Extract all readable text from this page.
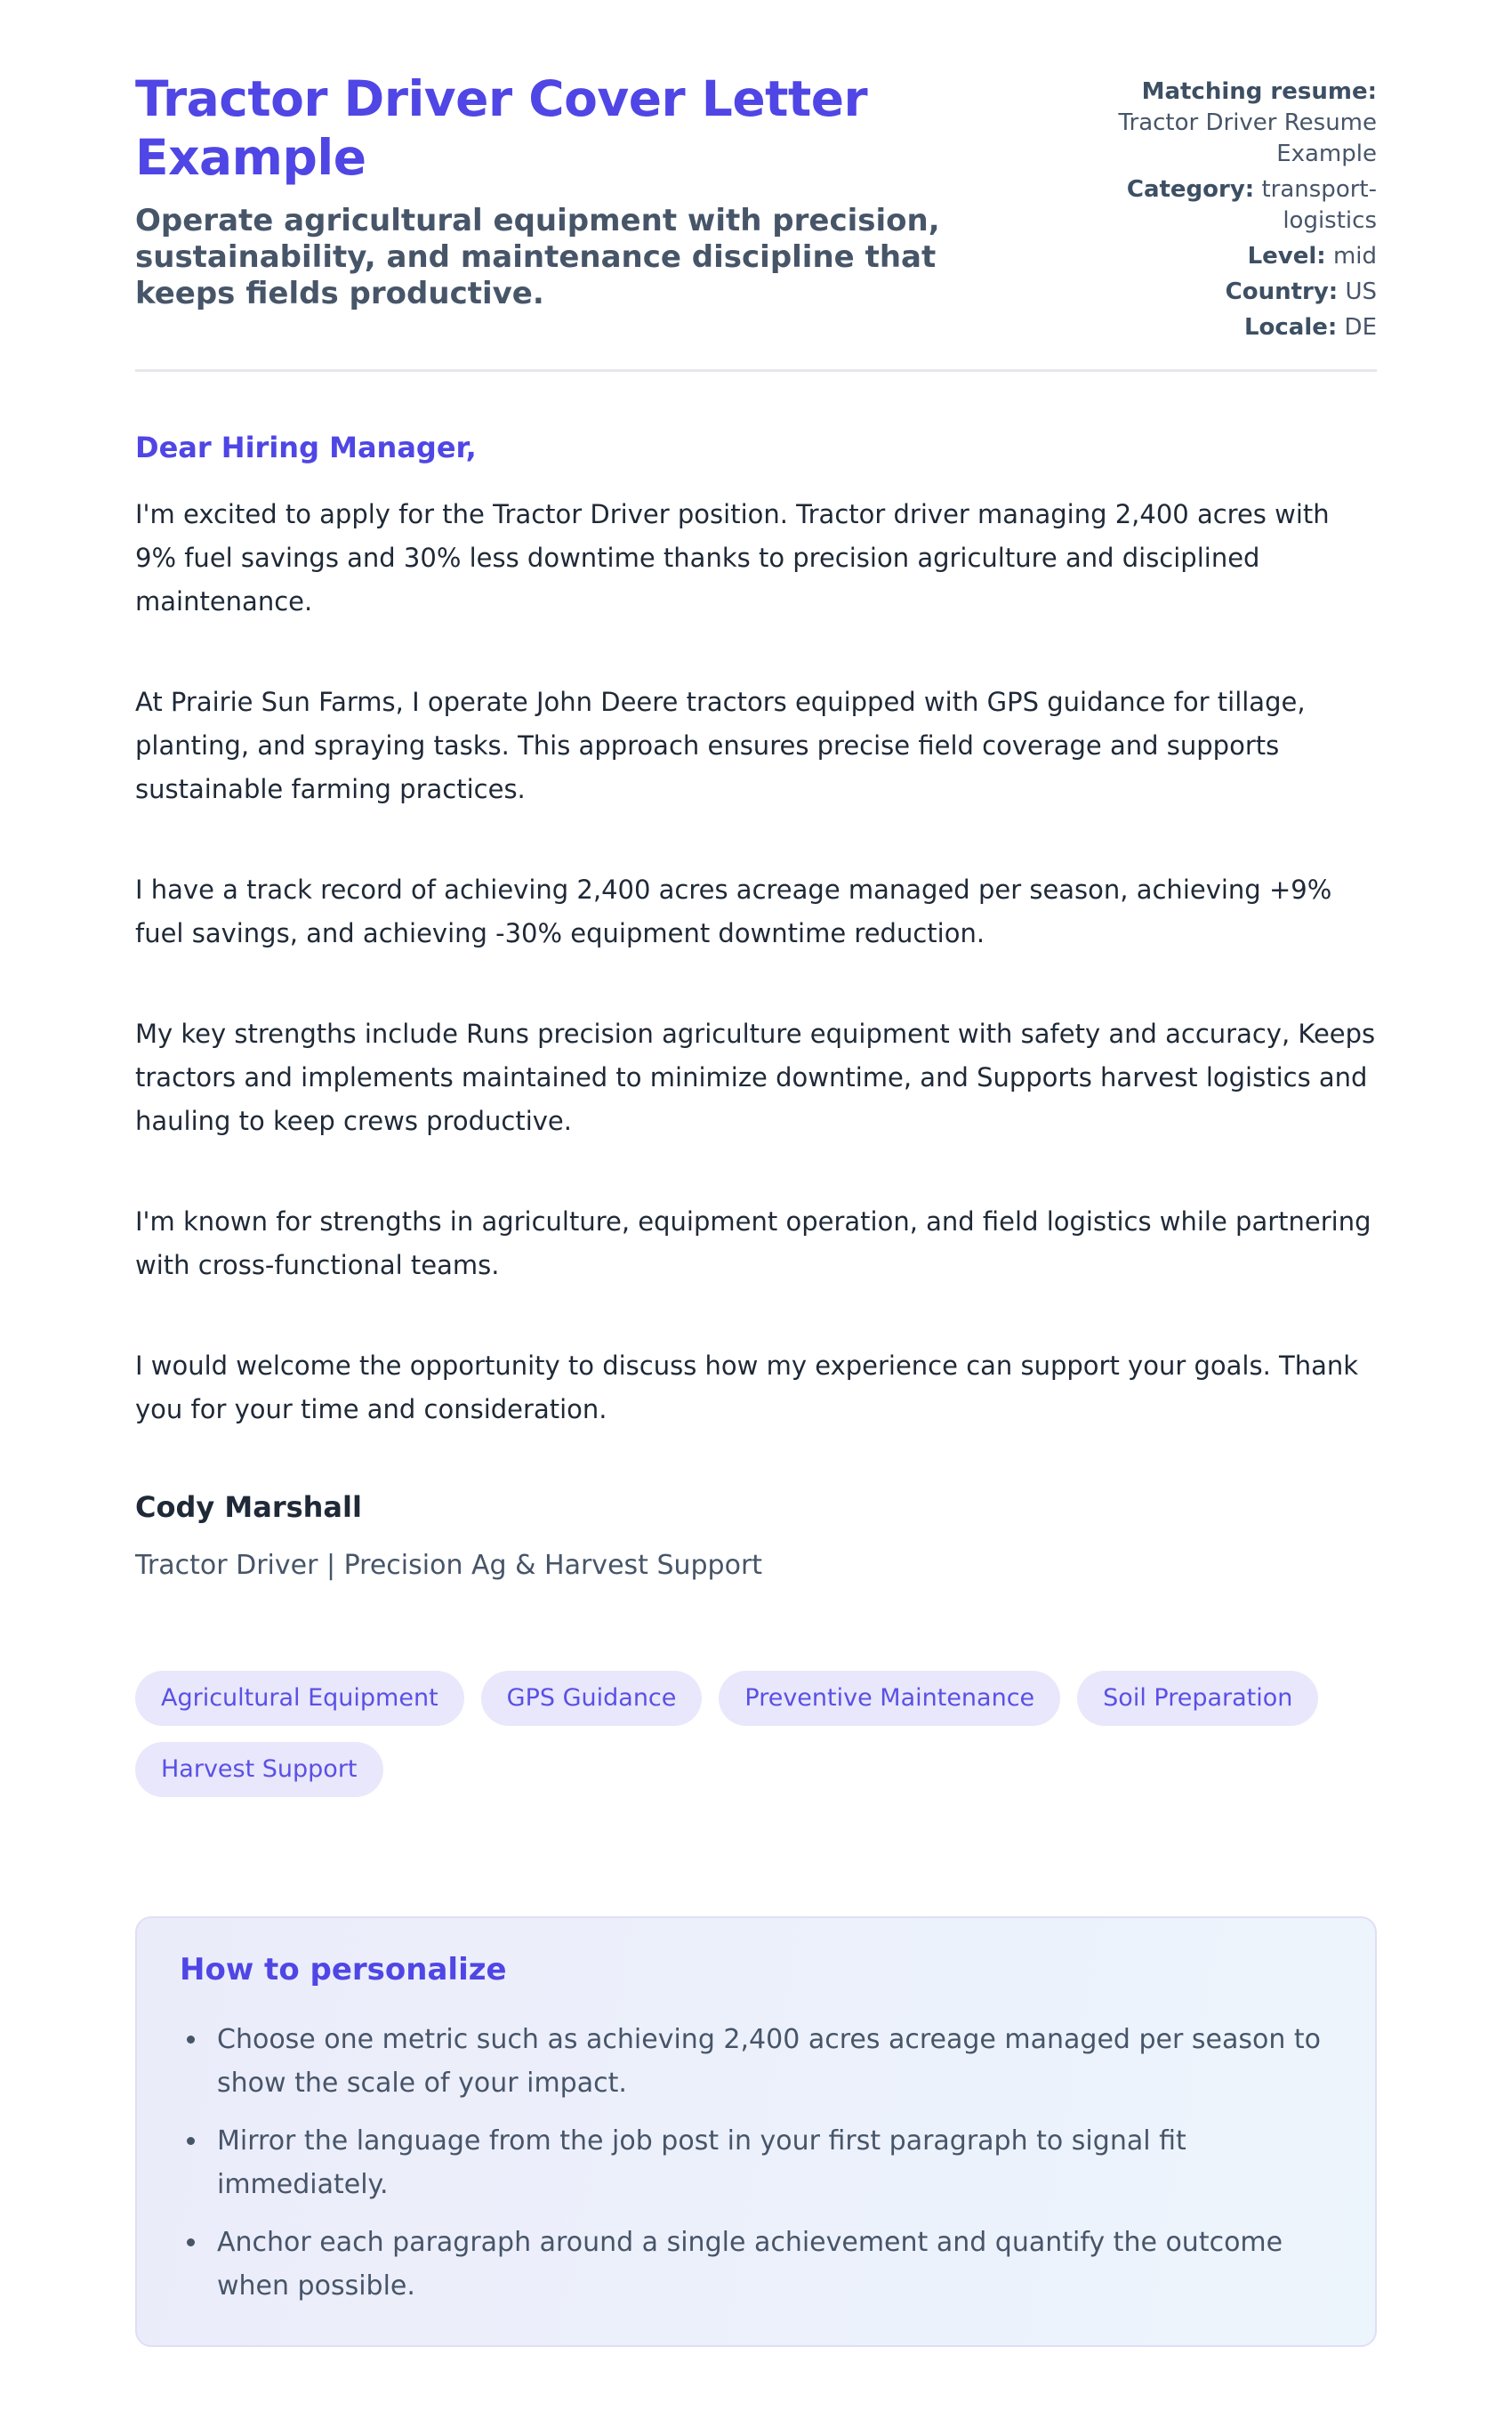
Tractor Driver Cover Letter Example
Operate agricultural equipment with precision, sustainability, and maintenance discipline that keeps fields productive.
Matching resume: Tractor Driver Resume Example
Category: transport-logistics
Level: mid
Country: US
Locale: DE
Dear Hiring Manager,

I'm excited to apply for the Tractor Driver position. Tractor driver managing 2,400 acres with 9% fuel savings and 30% less downtime thanks to precision agriculture and disciplined maintenance.

At Prairie Sun Farms, I operate John Deere tractors equipped with GPS guidance for tillage, planting, and spraying tasks. This approach ensures precise field coverage and supports sustainable farming practices.

I have a track record of achieving 2,400 acres acreage managed per season, achieving +9% fuel savings, and achieving -30% equipment downtime reduction.

My key strengths include Runs precision agriculture equipment with safety and accuracy, Keeps tractors and implements maintained to minimize downtime, and Supports harvest logistics and hauling to keep crews productive.

I'm known for strengths in agriculture, equipment operation, and field logistics while partnering with cross-functional teams.

I would welcome the opportunity to discuss how my experience can support your goals. Thank you for your time and consideration.

Cody Marshall
Tractor Driver | Precision Ag & Harvest Support
Agricultural Equipment	GPS Guidance	Preventive Maintenance	Soil Preparation
Harvest Support
How to personalize
Choose one metric such as achieving 2,400 acres acreage managed per season to show the scale of your impact.
Mirror the language from the job post in your first paragraph to signal fit immediately.
Anchor each paragraph around a single achievement and quantify the outcome when possible.
